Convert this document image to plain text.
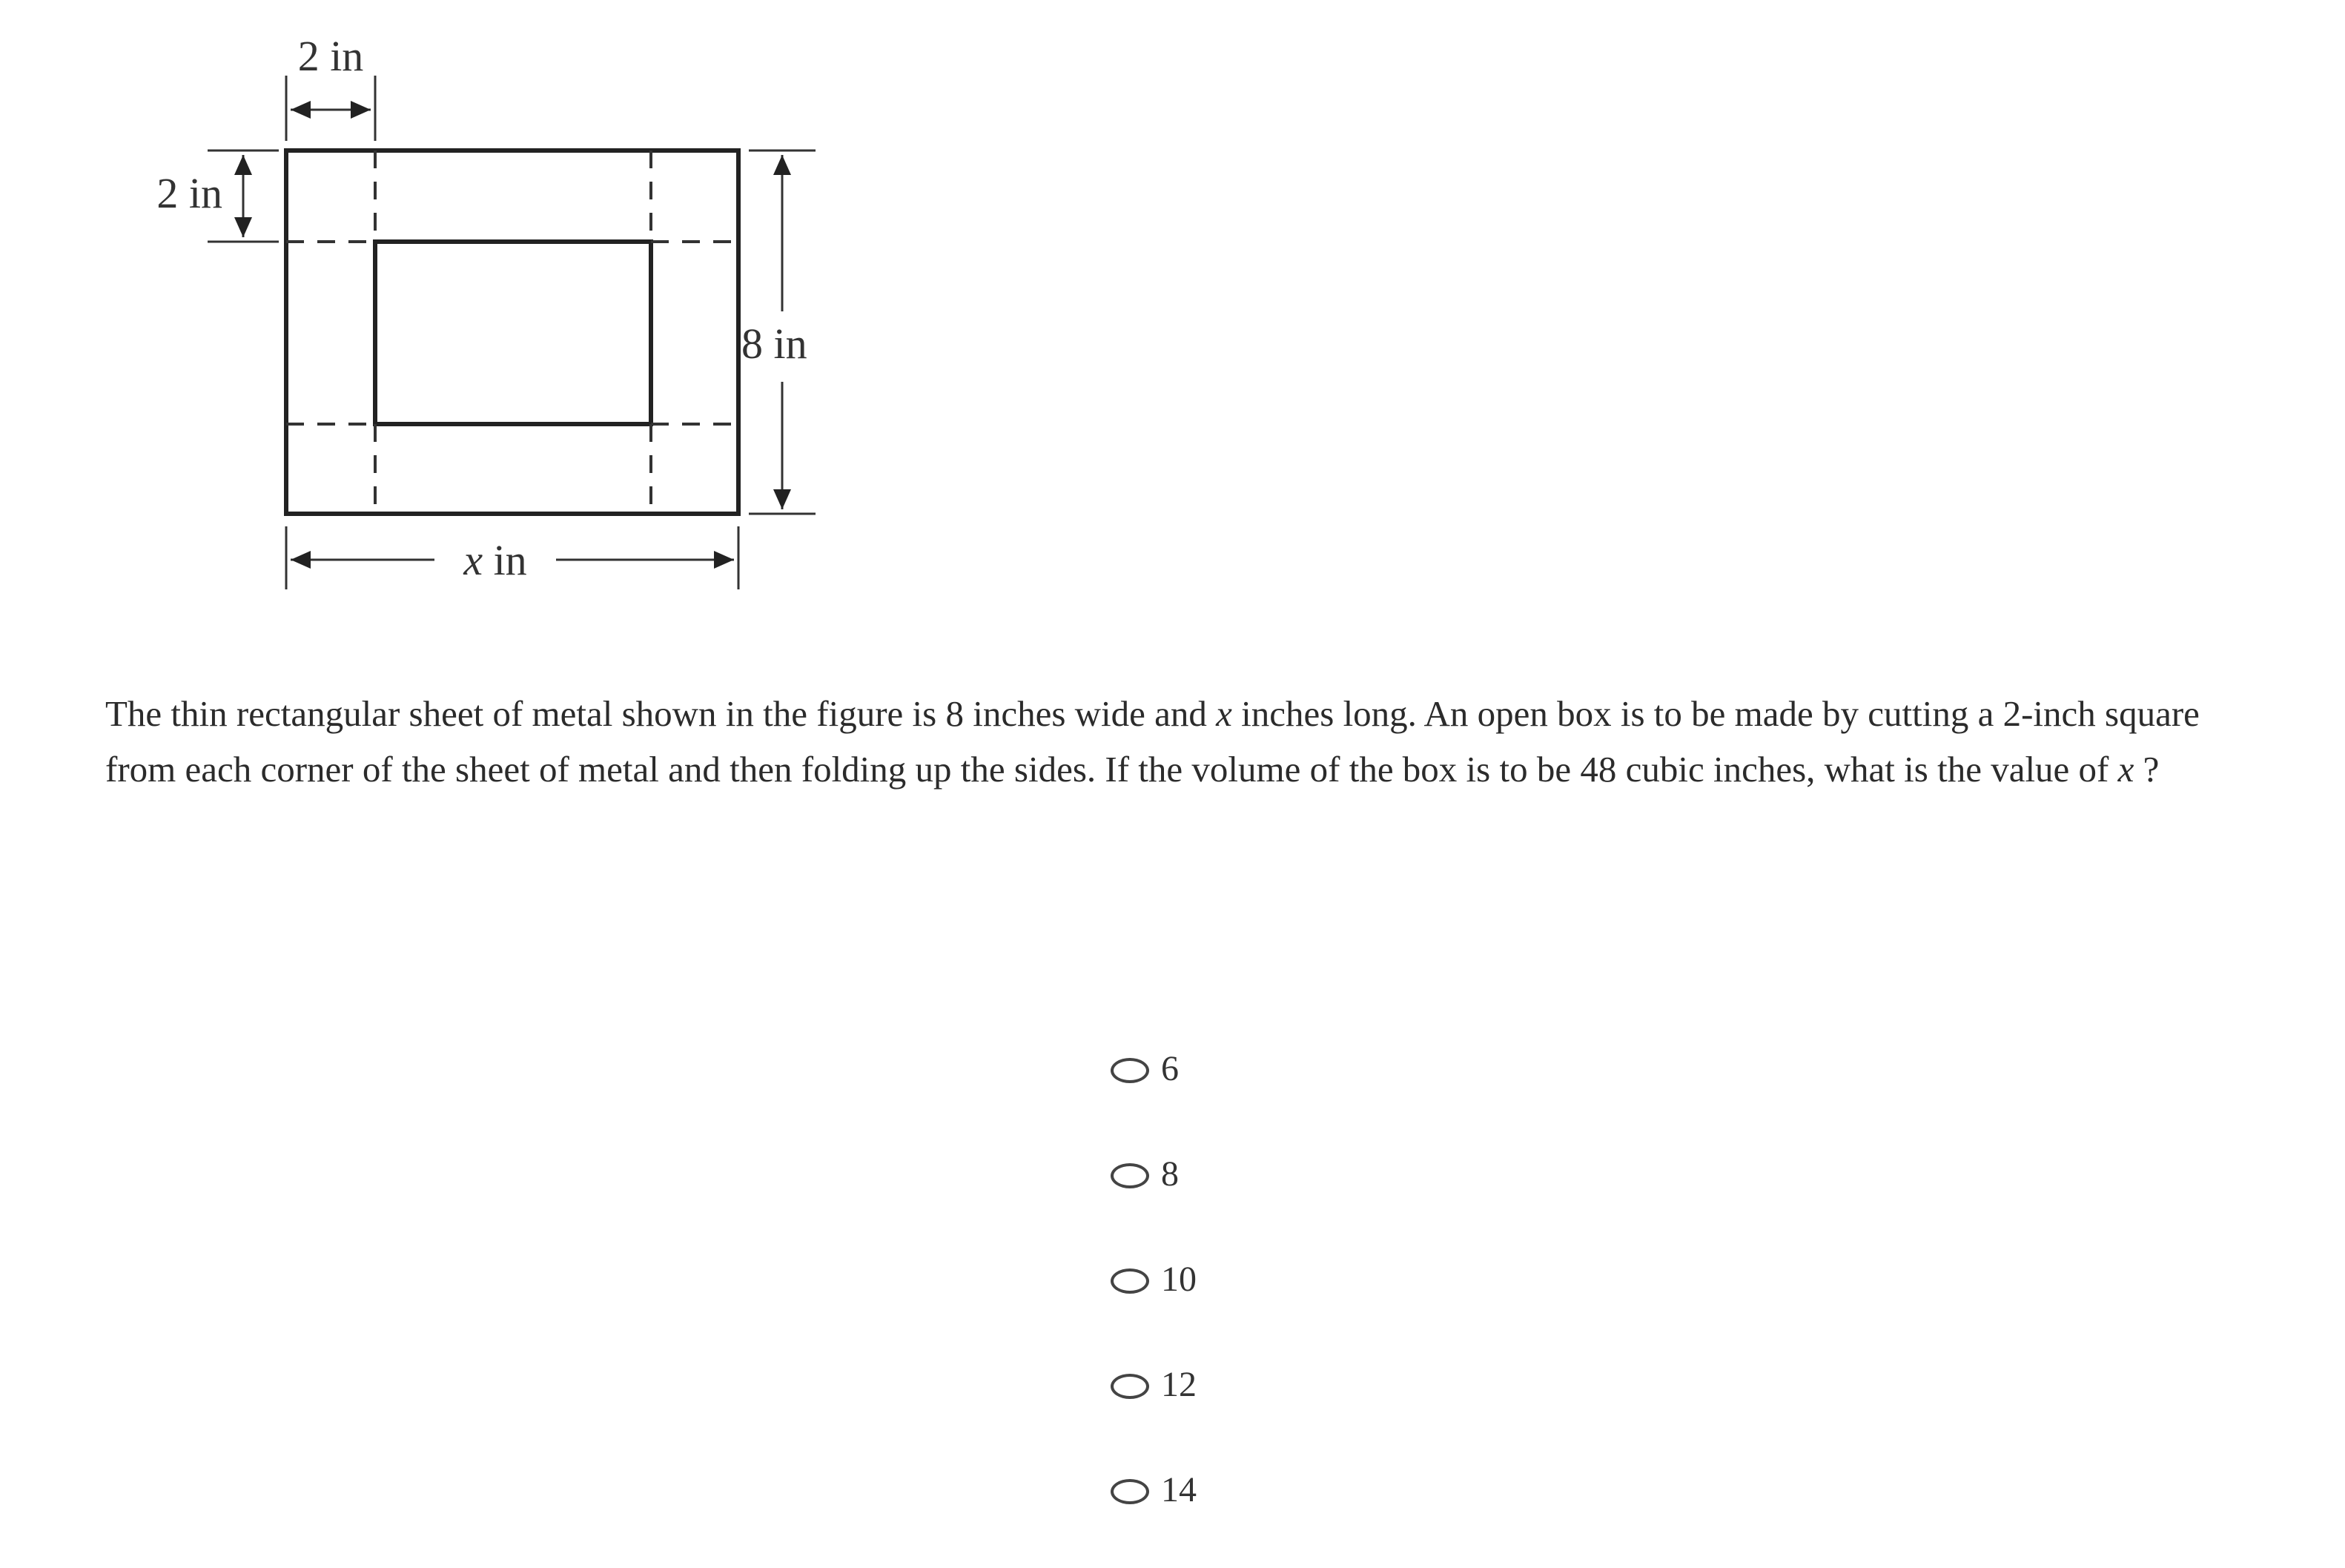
2 in
2 in
8 in
x in
The thin rectangular sheet of metal shown in the figure is 8 inches wide and x inches long. An open box is to be made by cutting a 2-inch square from each corner of the sheet of metal and then folding up the sides. If the volume of the box is to be 48 cubic inches, what is the value of x ?
6
8
10
12
14
